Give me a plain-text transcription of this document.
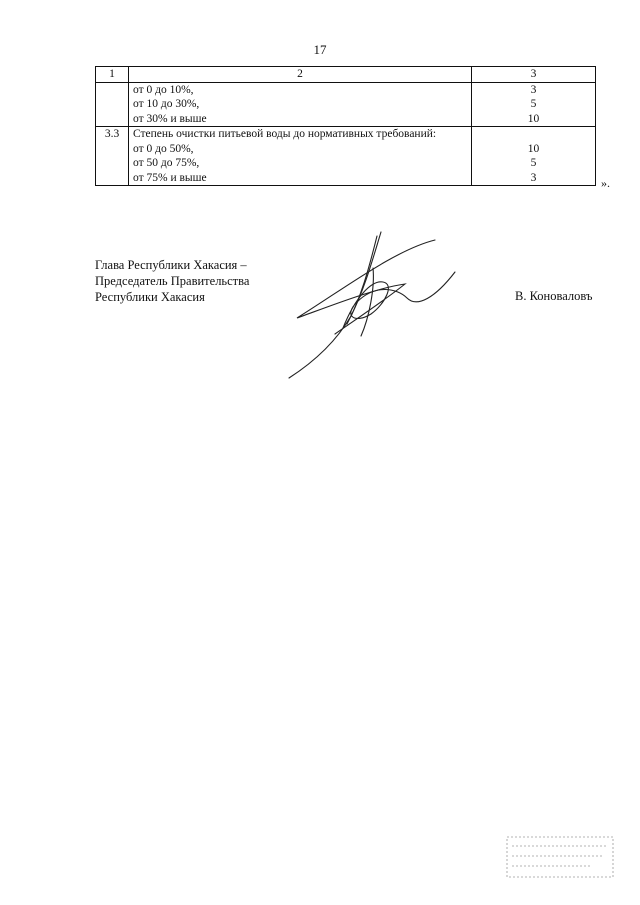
17
1	2	3
	от 0 до 10%,	3
	от 10 до 30%,	5
	от 30% и выше	10
3.3	Степень очистки питьевой воды до нормативных требований:	
	от 0 до 50%,	10
	от 50 до 75%,	5
	от 75% и выше	3	».
Глава Республики Хакасия –
Председатель Правительства
Республики Хакасия	В. Коноваловъ
